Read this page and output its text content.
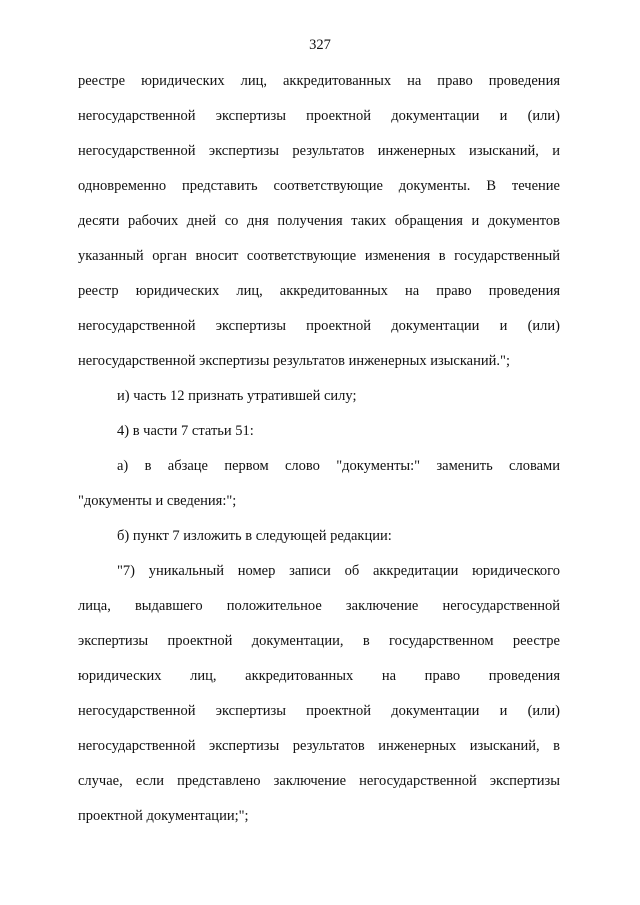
327
реестре юридических лиц, аккредитованных на право проведения
негосударственной экспертизы проектной документации и (или)
негосударственной экспертизы результатов инженерных изысканий, и
одновременно представить соответствующие документы. В течение
десяти рабочих дней со дня получения таких обращения и документов
указанный орган вносит соответствующие изменения в государственный
реестр юридических лиц, аккредитованных на право проведения
негосударственной экспертизы проектной документации и (или)
негосударственной экспертизы результатов инженерных изысканий.";
и) часть 12 признать утратившей силу;
4) в части 7 статьи 51:
а) в абзаце первом слово "документы:" заменить словами
"документы и сведения:";
б) пункт 7 изложить в следующей редакции:
"7) уникальный номер записи об аккредитации юридического
лица, выдавшего положительное заключение негосударственной
экспертизы проектной документации, в государственном реестре
юридических лиц, аккредитованных на право проведения
негосударственной экспертизы проектной документации и (или)
негосударственной экспертизы результатов инженерных изысканий, в
случае, если представлено заключение негосударственной экспертизы
проектной документации;";
